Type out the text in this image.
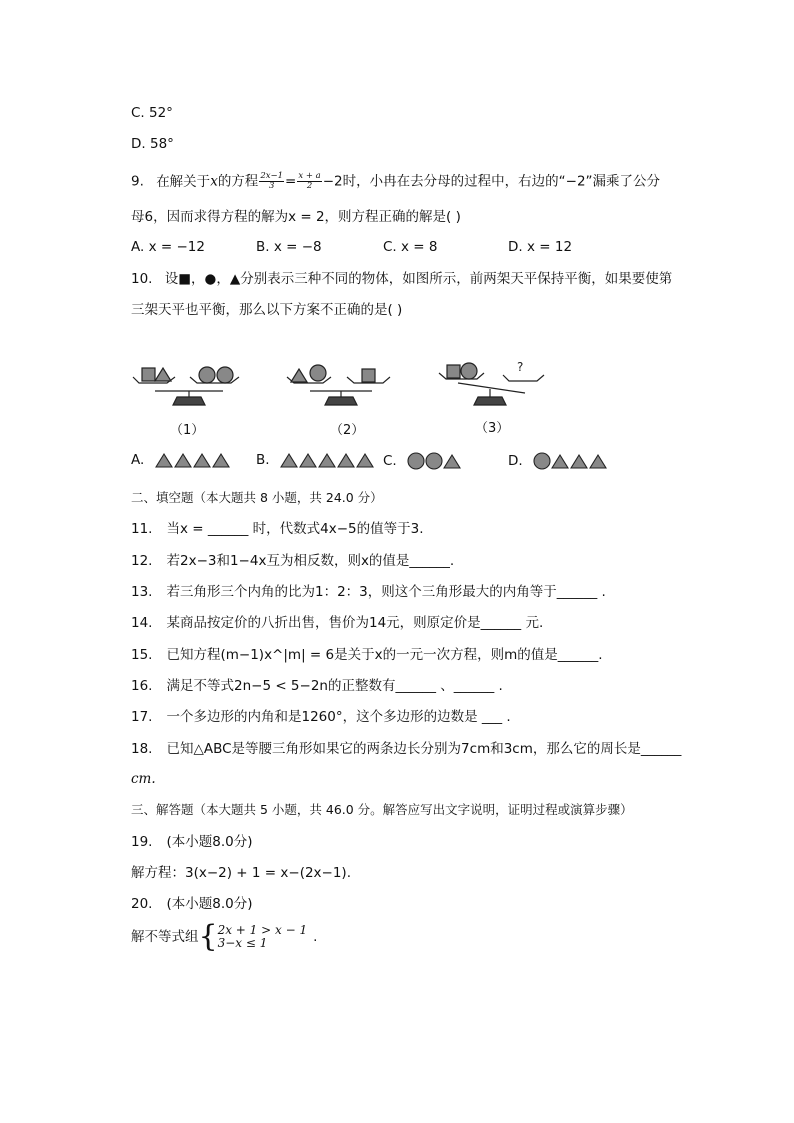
C. 52°
D. 58°
9. 在解关于x的方程 $\frac{2x-1}{3} = \frac{x + a}{2} -2$时，小冉在去分母的过程中，右边的“−2”漏乘了公分
母6，因而求得方程的解为x = 2，则方程正确的解是( )
A. x = −12	B. x = −8	C. x = 8	D. x = 12
10. 设■，●，▲分别表示三种不同的物体，如图所示，前两架天平保持平衡，如果要使第
三架天平也平衡，那么以下方案不正确的是( )
?
（1）	（2）	（3）
A.	B.	C.	D.
二、填空题（本大题共 8 小题，共 24.0 分）
11. 当x = ______ 时，代数式4x−5的值等于3.
12. 若2x−3和1−4x互为相反数，则x的值是______.
13. 若三角形三个内角的比为1：2：3，则这个三角形最大的内角等于______ .
14. 某商品按定价的八折出售，售价为14元，则原定价是______ 元.
15. 已知方程(m−1)x^|m| = 6是关于x的一元一次方程，则m的值是______.
16. 满足不等式2n−5 < 5−2n的正整数有______ 、______ .
17. 一个多边形的内角和是1260°，这个多边形的边数是 ___ .
18. 已知△ABC是等腰三角形如果它的两条边长分别为7cm和3cm，那么它的周长是______
cm.
三、解答题（本大题共 5 小题，共 46.0 分。解答应写出文字说明，证明过程或演算步骤）
19. (本小题8.0分)
解方程：3(x−2) + 1 = x−(2x−1).
20. (本小题8.0分)
解不等式组{ 2x + 1 > x − 1
3−x ≤ 1	.
